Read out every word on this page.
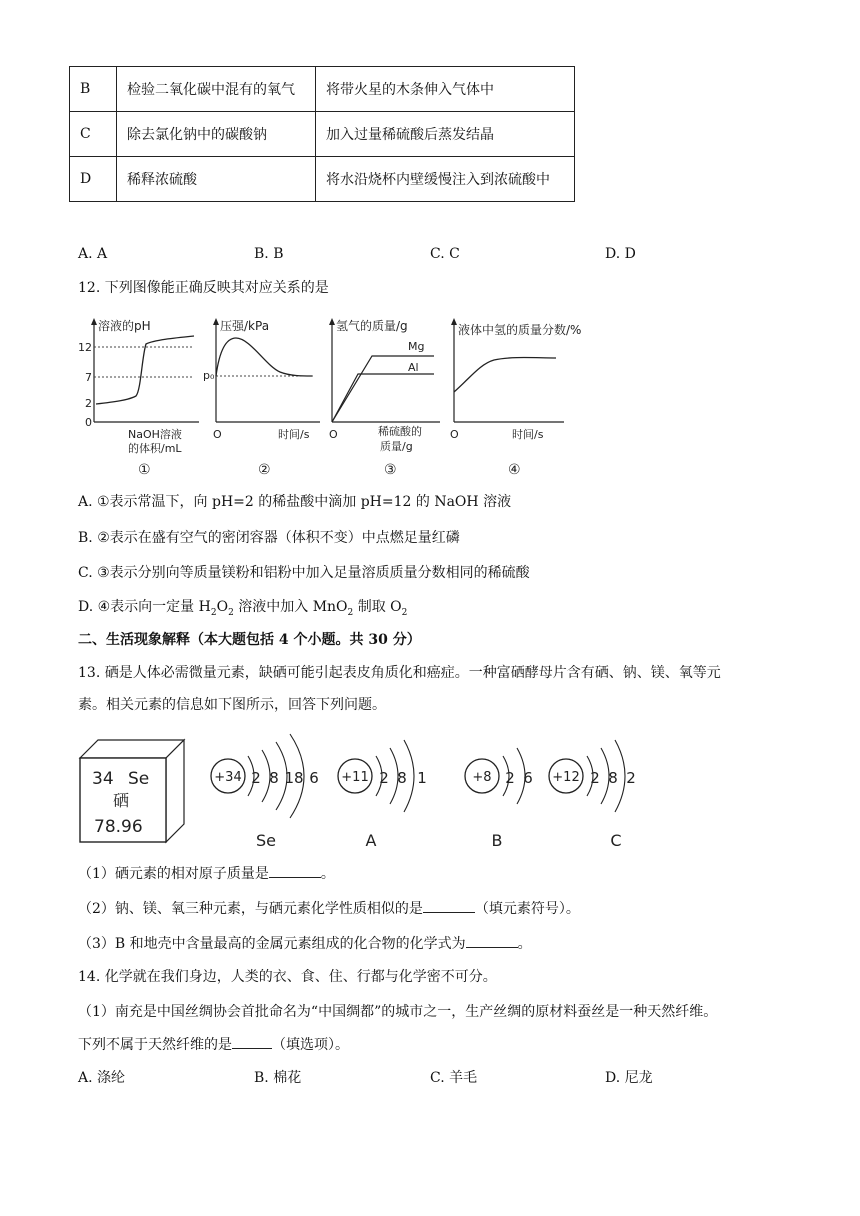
B	检验二氧化碳中混有的氧气	将带火星的木条伸入气体中
C	除去氯化钠中的碳酸钠	加入过量稀硫酸后蒸发结晶
D	稀释浓硫酸	将水沿烧杯内壁缓慢注入到浓硫酸中
A. A	B. B	C. C	D. D
12. 下列图像能正确反映其对应关系的是
溶液的pH
12
7
2
0
NaOH溶液
的体积/mL
①
压强/kPa
p₀
O	时间/s
②
氢气的质量/g
Mg
Al
O	稀硫酸的
质量/g
③
液体中氢的质量分数/%
O	时间/s
④
A. ①表示常温下，向 pH=2 的稀盐酸中滴加 pH=12 的 NaOH 溶液
B. ②表示在盛有空气的密闭容器（体积不变）中点燃足量红磷
C. ③表示分别向等质量镁粉和铝粉中加入足量溶质质量分数相同的稀硫酸
D. ④表示向一定量 $H_2O_2$ 溶液中加入 MnO$_2$ 制取 $O_2$
二、生活现象解释（本大题包括 4 个小题。共 30 分）
13. 硒是人体必需微量元素，缺硒可能引起表皮角质化和癌症。一种富硒酵母片含有硒、钠、镁、氧等元
素。相关元素的信息如下图所示，回答下列问题。
34 Se
硒
78.96
+34 2 8 18 6
Se
+11 2 8 1
A
+8 2 6
B
+12 2 8 2
C
（1）硒元素的相对原子质量是	。
（2）钠、镁、氧三种元素，与硒元素化学性质相似的是	（填元素符号）。
（3）B 和地壳中含量最高的金属元素组成的化合物的化学式为	。
14. 化学就在我们身边，人类的衣、食、住、行都与化学密不可分。
（1）南充是中国丝绸协会首批命名为“中国绸都”的城市之一，生产丝绸的原材料蚕丝是一种天然纤维。
下列不属于天然纤维的是	（填选项）。
A. 涤纶	B. 棉花	C. 羊毛	D. 尼龙
